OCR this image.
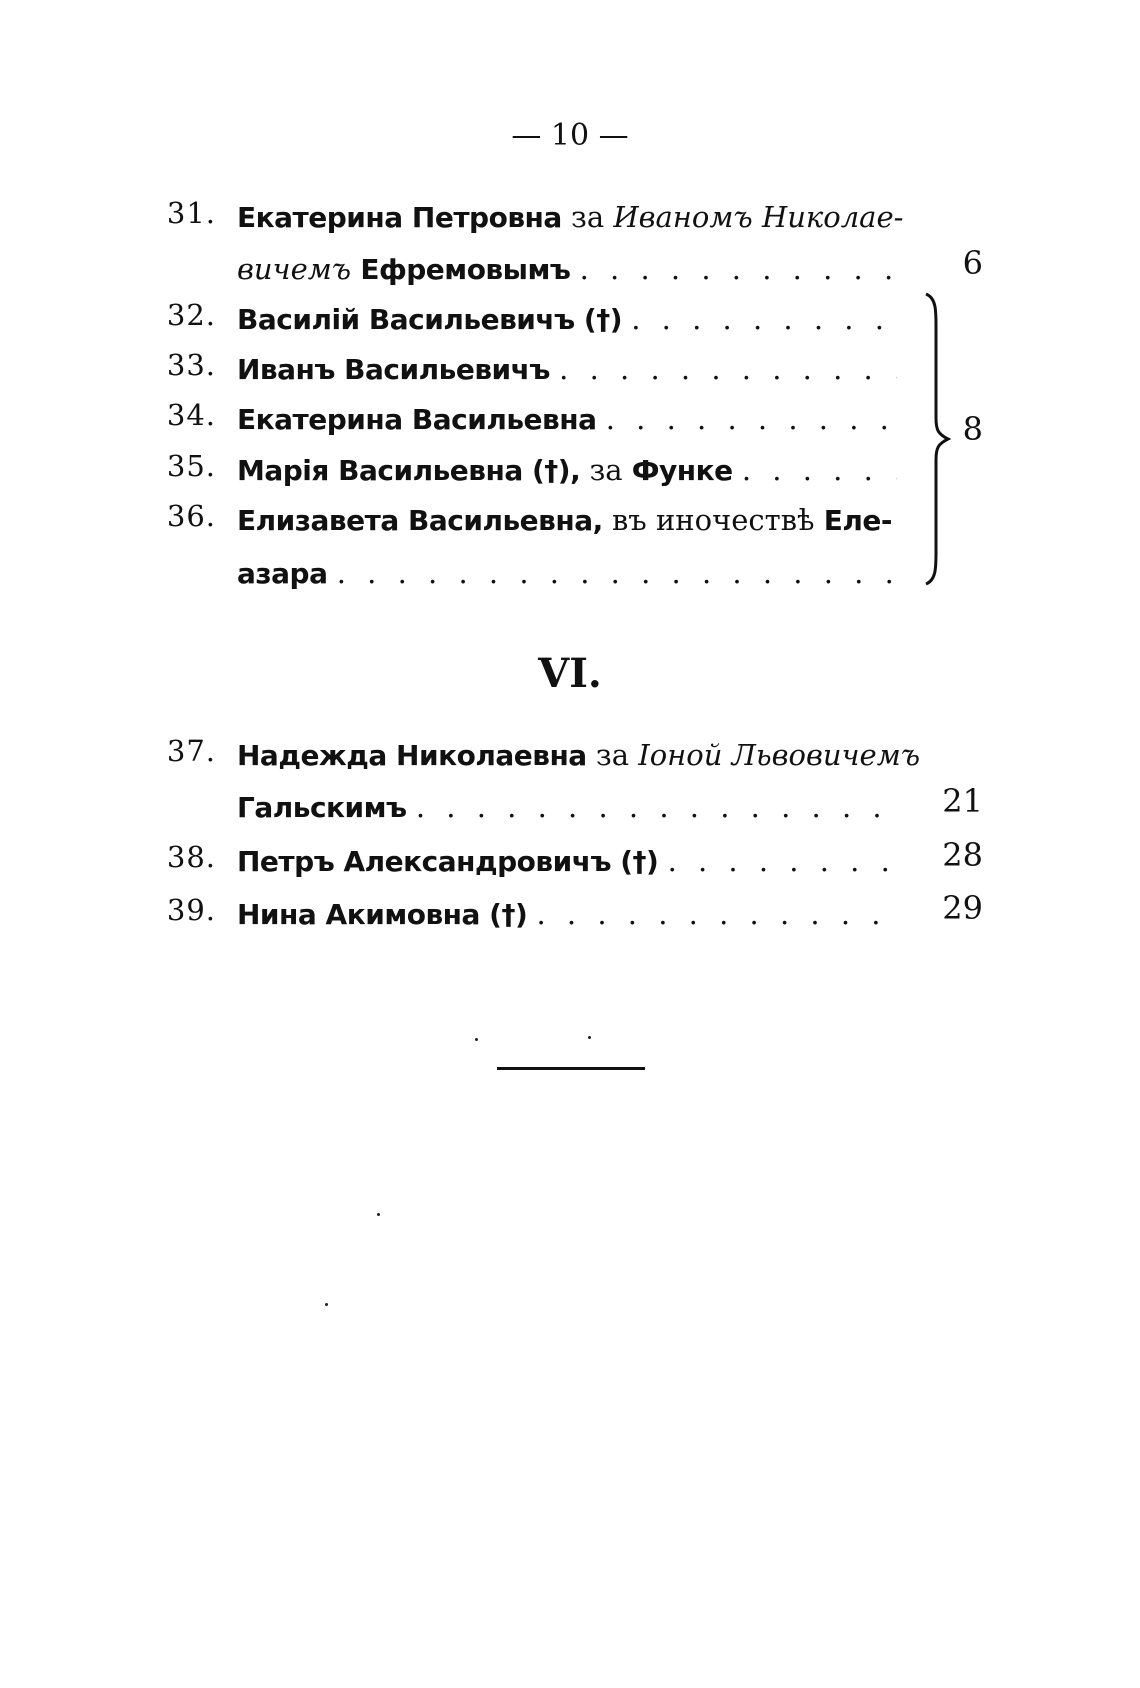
— 10 —
31 .	Екатерина Петровна за Иваномъ Николае-
вичемъ Ефремовымъ . . .	6
32 .	Василій Васильевичъ (†) . . .
33 .	Иванъ Васильевичъ . . .
34 .	Екатерина Васильевна . . .
35 .	Марія Васильевна (†), за Функе . . .
36 .	Елизавета Васильевна, въ иночествѣ Еле-
азара . . .
8
VI.
37 .	Надежда Николаевна за Іоной Львовичемъ
Гальскимъ . . .	21
38 .	Петръ Александровичъ (†) . . .	28
39 .	Нина Акимовна (†) . . .	29
